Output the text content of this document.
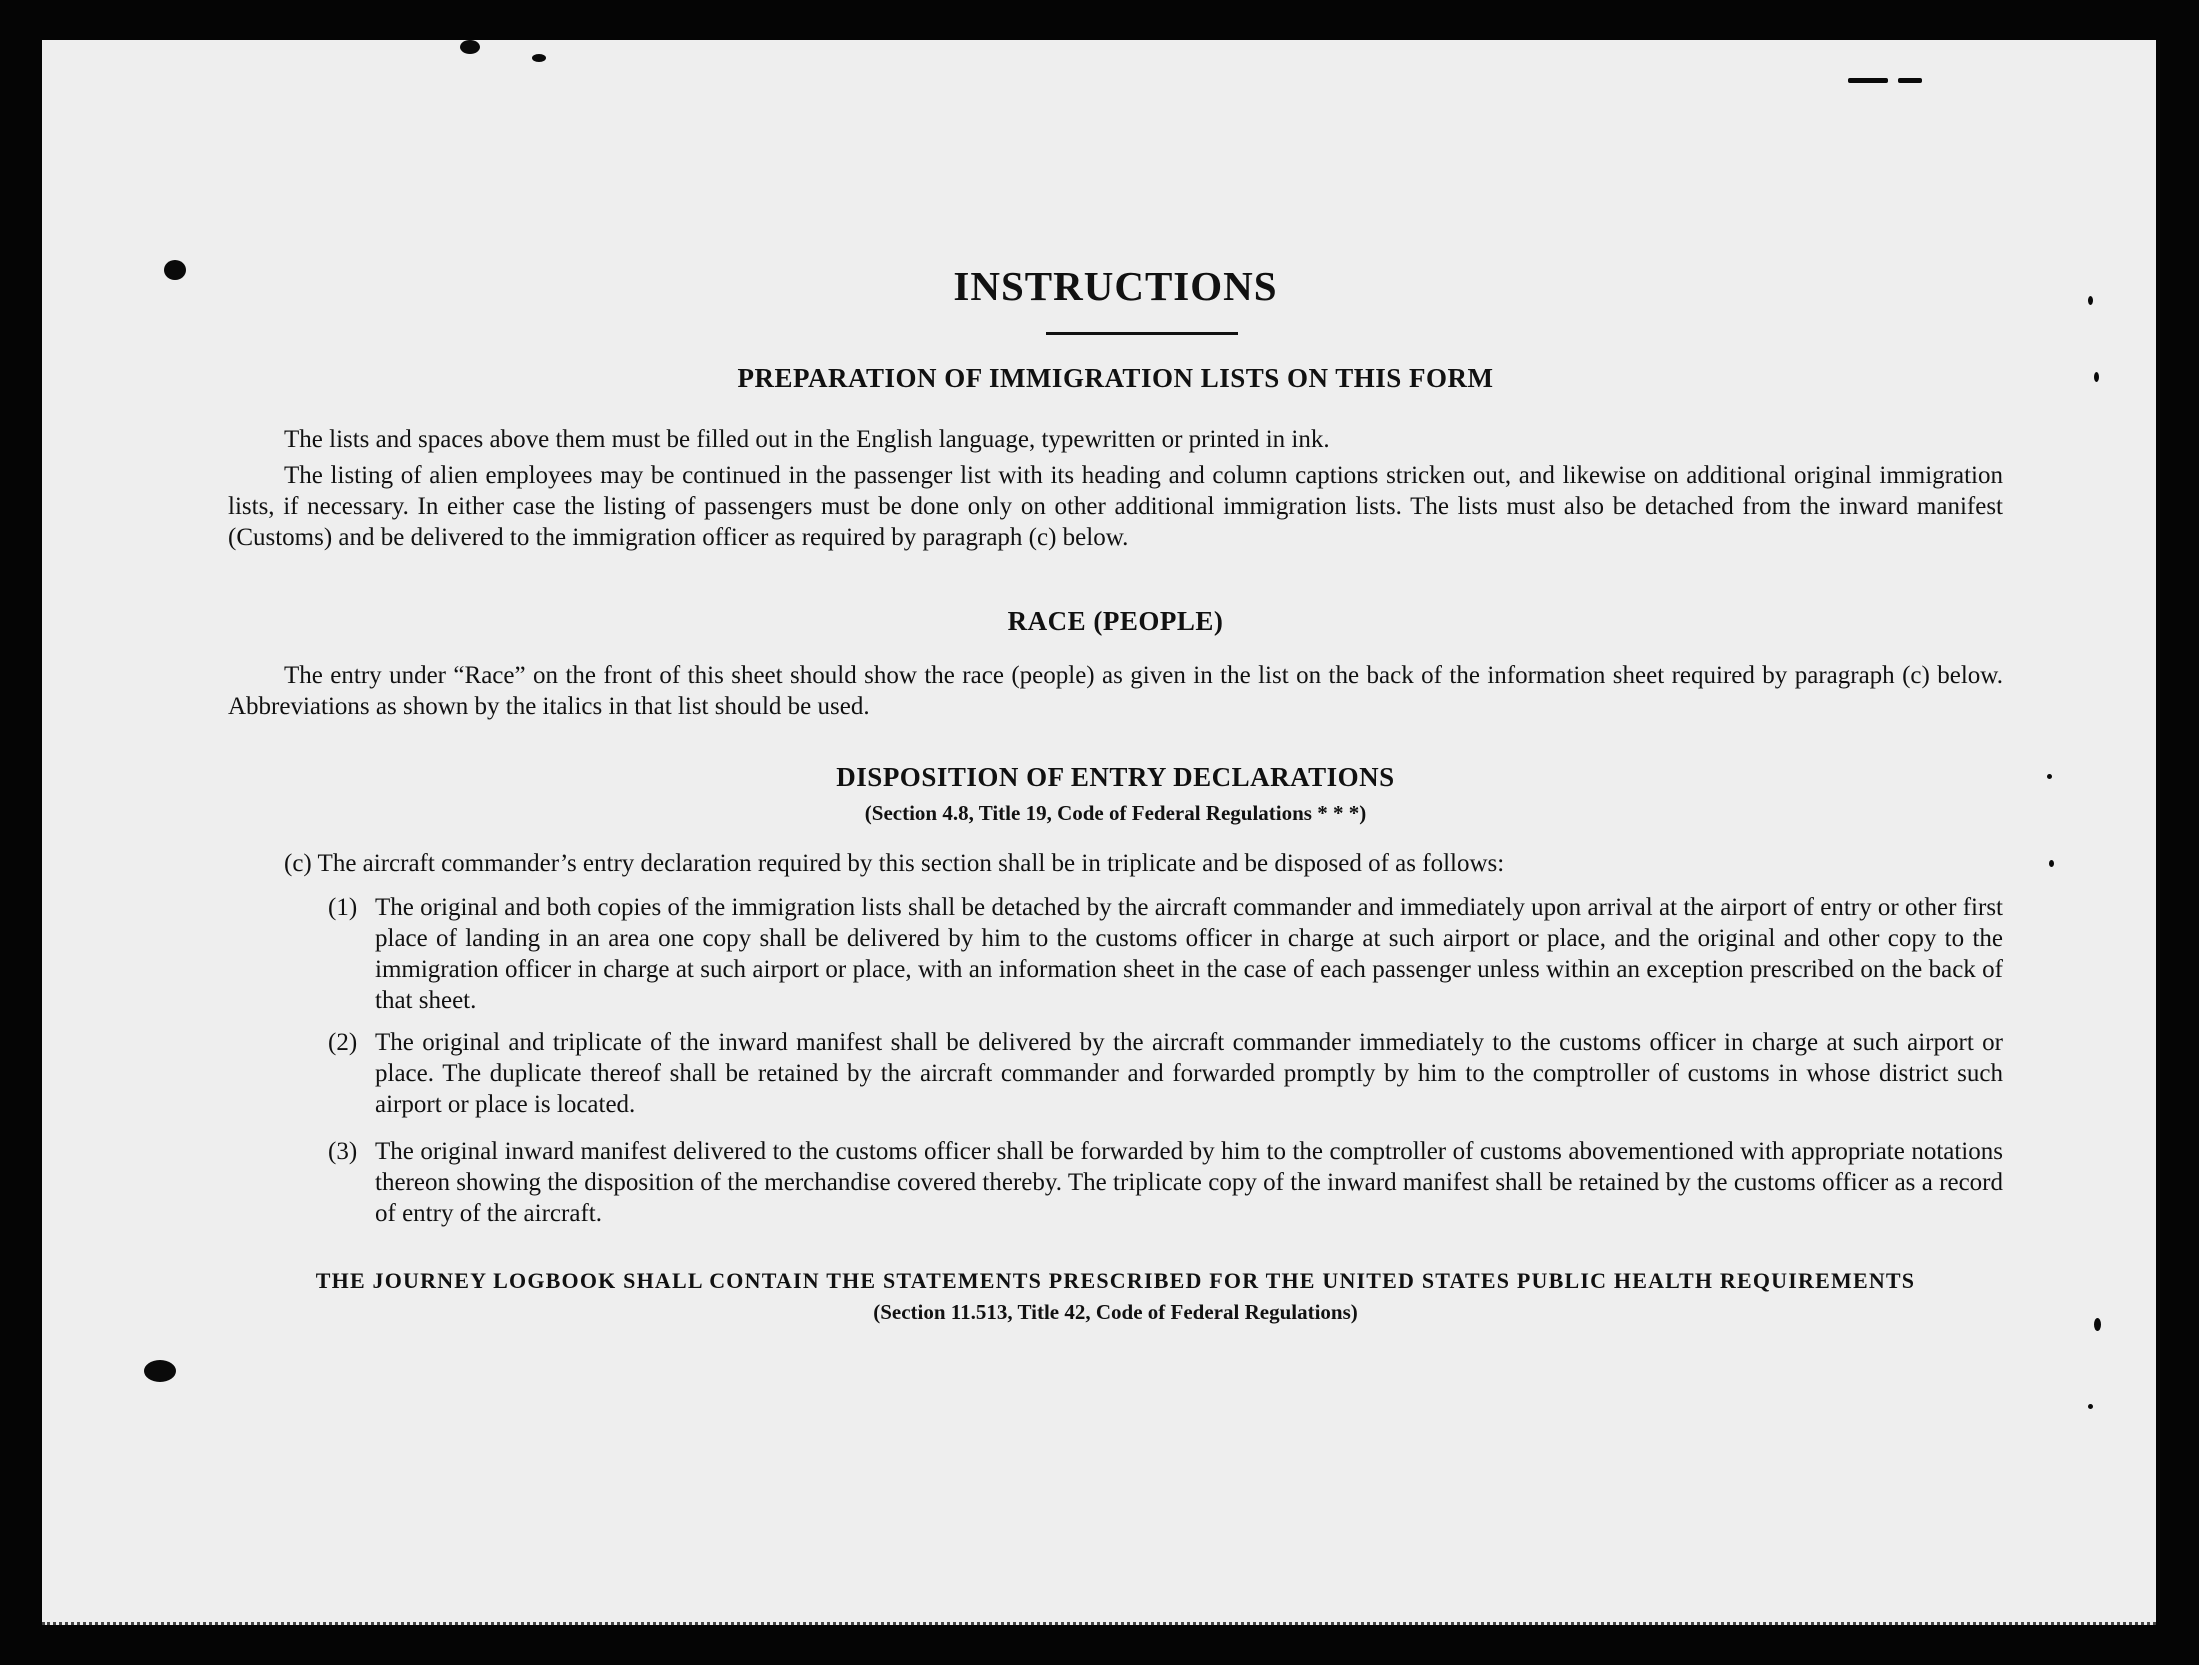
INSTRUCTIONS
PREPARATION OF IMMIGRATION LISTS ON THIS FORM

The lists and spaces above them must be filled out in the English language, typewritten or printed in ink.

The listing of alien employees may be continued in the passenger list with its heading and column captions stricken out, and likewise on additional original immigration lists, if necessary. In either case the listing of passengers must be done only on other additional immigration lists. The lists must also be detached from the inward manifest (Customs) and be delivered to the immigration officer as required by paragraph (c) below.

RACE (PEOPLE)

The entry under “Race” on the front of this sheet should show the race (people) as given in the list on the back of the information sheet required by paragraph (c) below. Abbreviations as shown by the italics in that list should be used.

DISPOSITION OF ENTRY DECLARATIONS
(Section 4.8, Title 19, Code of Federal Regulations * * *)

(c) The aircraft commander’s entry declaration required by this section shall be in triplicate and be disposed of as follows:

(1) The original and both copies of the immigration lists shall be detached by the aircraft commander and immediately upon arrival at the airport of entry or other first place of landing in an area one copy shall be delivered by him to the customs officer in charge at such airport or place, and the original and other copy to the immigration officer in charge at such airport or place, with an information sheet in the case of each passenger unless within an exception prescribed on the back of that sheet.

(2) The original and triplicate of the inward manifest shall be delivered by the aircraft commander immediately to the customs officer in charge at such airport or place. The duplicate thereof shall be retained by the aircraft commander and forwarded promptly by him to the comptroller of customs in whose district such airport or place is located.

(3) The original inward manifest delivered to the customs officer shall be forwarded by him to the comptroller of customs abovementioned with appropriate notations thereon showing the disposition of the merchandise covered thereby. The triplicate copy of the inward manifest shall be retained by the customs officer as a record of entry of the aircraft.

THE JOURNEY LOGBOOK SHALL CONTAIN THE STATEMENTS PRESCRIBED FOR THE UNITED STATES PUBLIC HEALTH REQUIREMENTS
(Section 11.513, Title 42, Code of Federal Regulations)
